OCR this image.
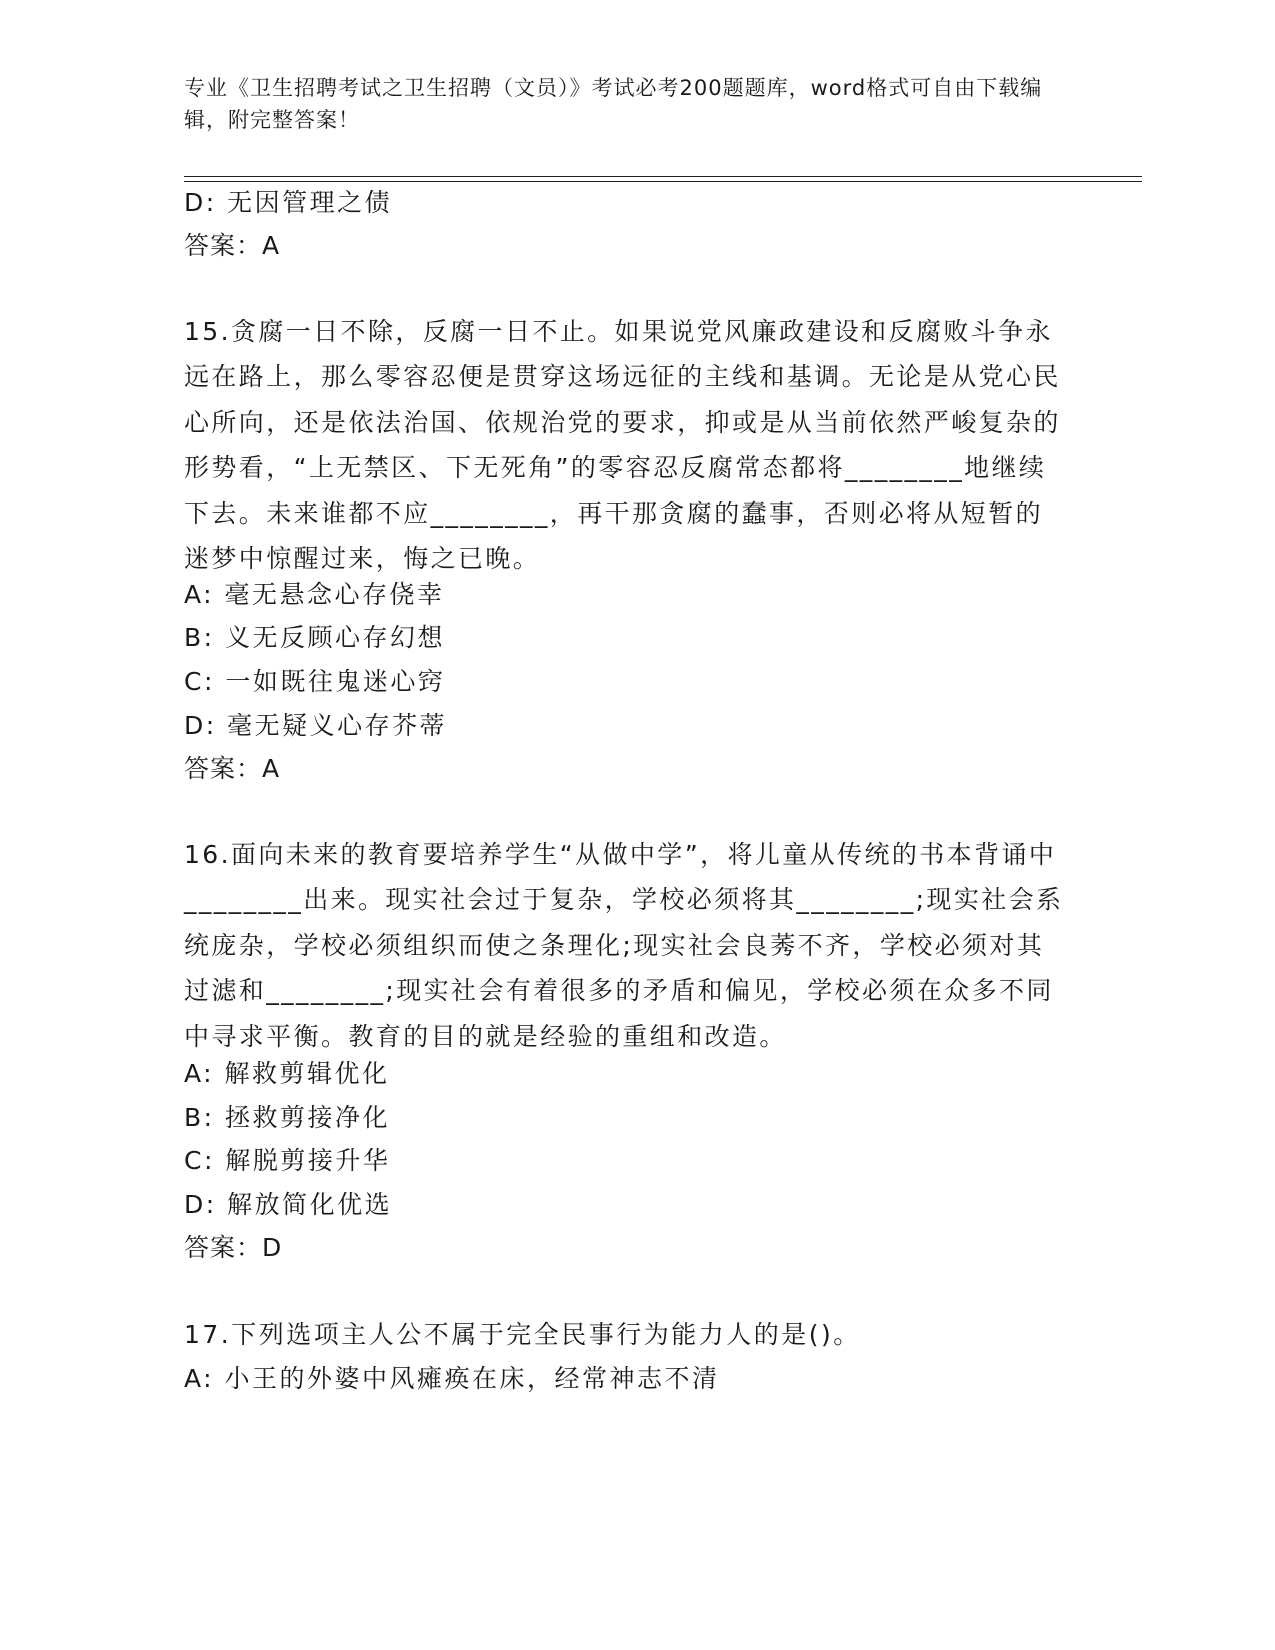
专业《卫生招聘考试之卫生招聘（文员）》考试必考200题题库，word格式可自由下载编辑，附完整答案！
D: 无因管理之债
答案：A
15.贪腐一日不除，反腐一日不止。如果说党风廉政建设和反腐败斗争永远在路上，那么零容忍便是贯穿这场远征的主线和基调。无论是从党心民心所向，还是依法治国、依规治党的要求，抑或是从当前依然严峻复杂的形势看，“上无禁区、下无死角”的零容忍反腐常态都将________地继续下去。未来谁都不应________，再干那贪腐的蠢事，否则必将从短暂的迷梦中惊醒过来，悔之已晚。
A: 毫无悬念心存侥幸
B: 义无反顾心存幻想
C: 一如既往鬼迷心窍
D: 毫无疑义心存芥蒂
答案：A
16.面向未来的教育要培养学生“从做中学”，将儿童从传统的书本背诵中________出来。现实社会过于复杂，学校必须将其________;现实社会系统庞杂，学校必须组织而使之条理化;现实社会良莠不齐，学校必须对其过滤和________;现实社会有着很多的矛盾和偏见，学校必须在众多不同中寻求平衡。教育的目的就是经验的重组和改造。
A: 解救剪辑优化
B: 拯救剪接净化
C: 解脱剪接升华
D: 解放简化优选
答案：D
17.下列选项主人公不属于完全民事行为能力人的是()。
A: 小王的外婆中风瘫痪在床，经常神志不清
